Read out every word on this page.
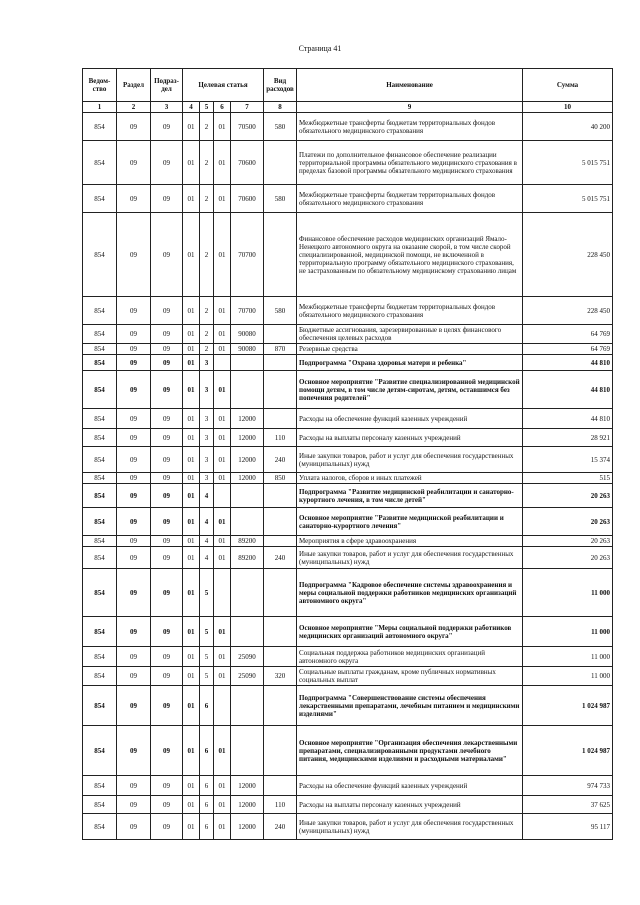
Страница 41
Ведом-ство	Раздел	Подраз-дел	Целевая статья				Вид расходов	Наименование	Сумма
1	2	3	4	5	6	7	8	9	10
854	09	09	01	2	01	70500	580	Межбюджетные трансферты бюджетам территориальных фондов обязательного медицинского страхования	40 200
854	09	09	01	2	01	70600		Платежи по дополнительное финансовое обеспечение реализации территориальной программы обязательного медицинского страхования в пределах базовой программы обязательного медицинского страхования	5 015 751
854	09	09	01	2	01	70600	580	Межбюджетные трансферты бюджетам территориальных фондов обязательного медицинского страхования	5 015 751
854	09	09	01	2	01	70700		Финансовое обеспечение расходов медицинских организаций Ямало-Ненецкого автономного округа на оказание скорой, в том числе скорой специализированной, медицинской помощи, не включенной в территориальную программу обязательного медицинского страхования, не застрахованным по обязательному медицинскому страхованию лицам	228 450
854	09	09	01	2	01	70700	580	Межбюджетные трансферты бюджетам территориальных фондов обязательного медицинского страхования	228 450
854	09	09	01	2	01	90080		Бюджетные ассигнования, зарезервированные в целях финансового обеспечения целевых расходов	64 769
854	09	09	01	2	01	90080	870	Резервные средства	64 769
854	09	09	01	3				Подпрограмма "Охрана здоровья матери и ребенка"	44 810
854	09	09	01	3	01			Основное мероприятие "Развитие специализированной медицинской помощи детям, в том числе детям-сиротам, детям, оставшимся без попечения родителей"	44 810
854	09	09	01	3	01	12000		Расходы на обеспечение функций казенных учреждений	44 810
854	09	09	01	3	01	12000	110	Расходы на выплаты персоналу казенных учреждений	28 921
854	09	09	01	3	01	12000	240	Иные закупки товаров, работ и услуг для обеспечения государственных (муниципальных) нужд	15 374
854	09	09	01	3	01	12000	850	Уплата налогов, сборов и иных платежей	515
854	09	09	01	4				Подпрограмма "Развитие медицинской реабилитации и санаторно-курортного лечения, в том числе детей"	20 263
854	09	09	01	4	01			Основное мероприятие "Развитие медицинской реабилитации и санаторно-курортного лечения"	20 263
854	09	09	01	4	01	89200		Мероприятия в сфере здравоохранения	20 263
854	09	09	01	4	01	89200	240	Иные закупки товаров, работ и услуг для обеспечения государственных (муниципальных) нужд	20 263
854	09	09	01	5				Подпрограмма "Кадровое обеспечение системы здравоохранения и меры социальной поддержки работников медицинских организаций автономного округа"	11 000
854	09	09	01	5	01			Основное мероприятие "Меры социальной поддержки работников медицинских организаций автономного округа"	11 000
854	09	09	01	5	01	25090		Социальная поддержка работников медицинских организаций автономного округа	11 000
854	09	09	01	5	01	25090	320	Социальные выплаты гражданам, кроме публичных нормативных социальных выплат	11 000
854	09	09	01	6				Подпрограмма "Совершенствование системы обеспечения лекарственными препаратами, лечебным питанием и медицинскими изделиями"	1 024 987
854	09	09	01	6	01			Основное мероприятие "Организация обеспечения лекарственными препаратами, специализированными продуктами лечебного питания, медицинскими изделиями и расходными материалами"	1 024 987
854	09	09	01	6	01	12000		Расходы на обеспечение функций казенных учреждений	974 733
854	09	09	01	6	01	12000	110	Расходы на выплаты персоналу казенных учреждений	37 625
854	09	09	01	6	01	12000	240	Иные закупки товаров, работ и услуг для обеспечения государственных (муниципальных) нужд	95 117
